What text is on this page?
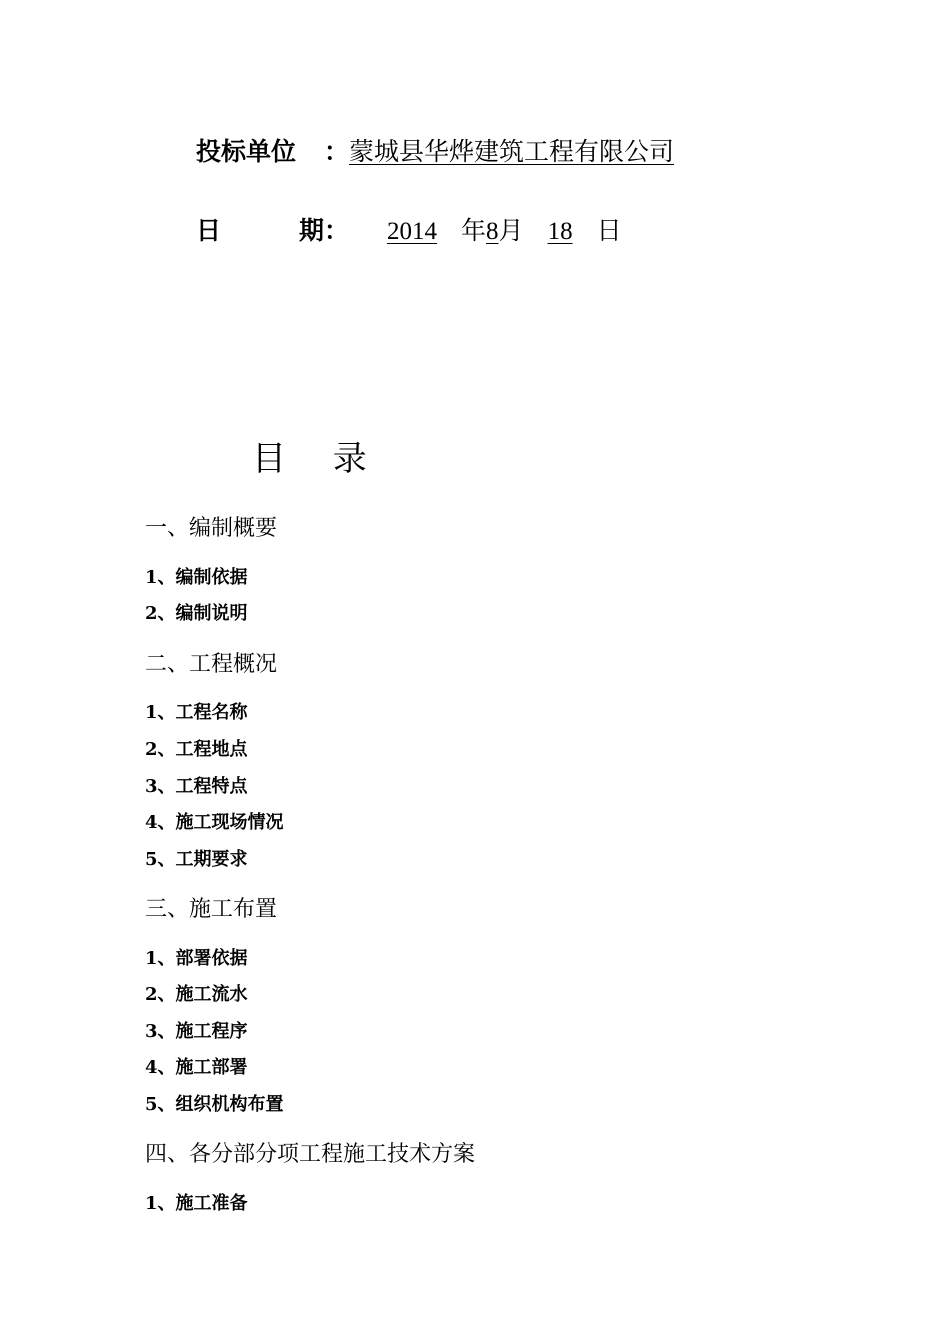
投标单位 ：蒙城县华烨建筑工程有限公司
日	期： 2014 年8月 18 日
目 录
一、编制概要
1、编制依据
2、编制说明
二、工程概况
1、工程名称
2、工程地点
3、工程特点
4、施工现场情况
5、工期要求
三、施工布置
1、部署依据
2、施工流水
3、施工程序
4、施工部署
5、组织机构布置
四、各分部分项工程施工技术方案
1、施工准备
